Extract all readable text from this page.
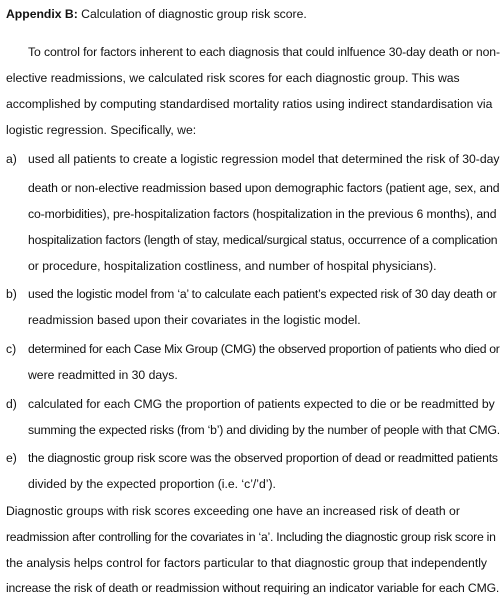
Appendix B: Calculation of diagnostic group risk score.
To control for factors inherent to each diagnosis that could inlfuence 30-day death or non-
elective readmissions, we calculated risk scores for each diagnostic group. This was
accomplished by computing standardised mortality ratios using indirect standardisation via
logistic regression. Specifically, we:
a) used all patients to create a logistic regression model that determined the risk of 30-day
death or non-elective readmission based upon demographic factors (patient age, sex, and
co-morbidities), pre-hospitalization factors (hospitalization in the previous 6 months), and
hospitalization factors (length of stay, medical/surgical status, occurrence of a complication
or procedure, hospitalization costliness, and number of hospital physicians).
b) used the logistic model from ‘a’ to calculate each patient’s expected risk of 30 day death or
readmission based upon their covariates in the logistic model.
c) determined for each Case Mix Group (CMG) the observed proportion of patients who died or
were readmitted in 30 days.
d) calculated for each CMG the proportion of patients expected to die or be readmitted by
summing the expected risks (from ‘b’) and dividing by the number of people with that CMG.
e) the diagnostic group risk score was the observed proportion of dead or readmitted patients
divided by the expected proportion (i.e. ‘c’/’d’).
Diagnostic groups with risk scores exceeding one have an increased risk of death or
readmission after controlling for the covariates in ‘a’. Including the diagnostic group risk score in
the analysis helps control for factors particular to that diagnostic group that independently
increase the risk of death or readmission without requiring an indicator variable for each CMG.
